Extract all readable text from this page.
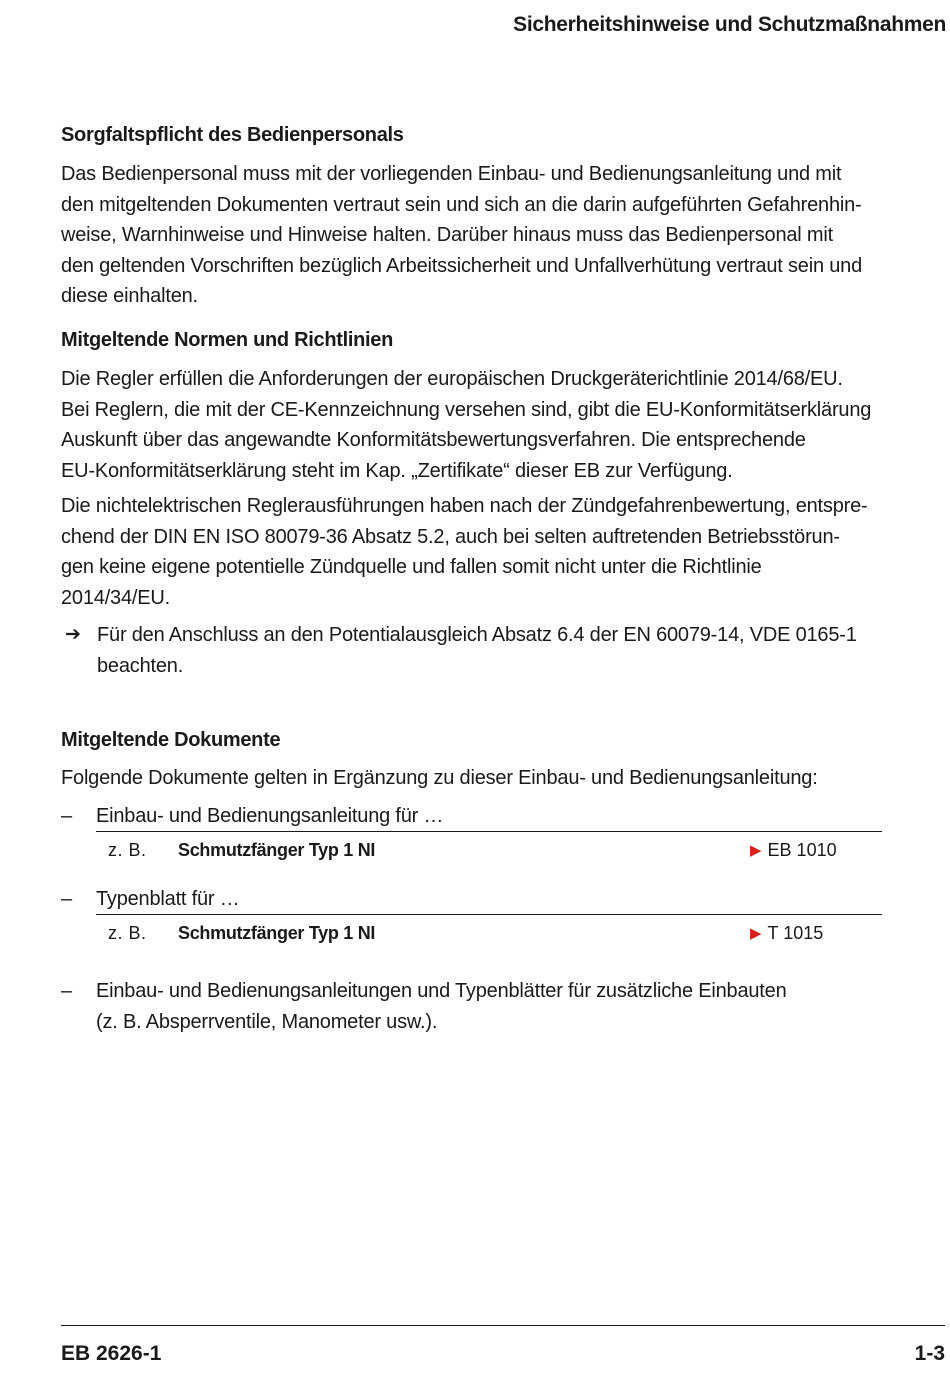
Sicherheitshinweise und Schutzmaßnahmen
Sorgfaltspflicht des Bedienpersonals

Das Bedienpersonal muss mit der vorliegenden Einbau- und Bedienungsanleitung und mit
den mitgeltenden Dokumenten vertraut sein und sich an die darin aufgeführten Gefahrenhin-
weise, Warnhinweise und Hinweise halten. Darüber hinaus muss das Bedienpersonal mit
den geltenden Vorschriften bezüglich Arbeitssicherheit und Unfallverhütung vertraut sein und
diese einhalten.

Mitgeltende Normen und Richtlinien

Die Regler erfüllen die Anforderungen der europäischen Druckgeräterichtlinie 2014/68/EU.
Bei Reglern, die mit der CE-Kennzeichnung versehen sind, gibt die EU-Konformitätserklärung
Auskunft über das angewandte Konformitätsbewertungsverfahren. Die entsprechende
EU-Konformitätserklärung steht im Kap. „Zertifikate“ dieser EB zur Verfügung.

Die nichtelektrischen Reglerausführungen haben nach der Zündgefahrenbewertung, entspre-
chend der DIN EN ISO 80079-36 Absatz 5.2, auch bei selten auftretenden Betriebsstörun-
gen keine eigene potentielle Zündquelle und fallen somit nicht unter die Richtlinie
2014/34/EU.

➔ Für den Anschluss an den Potentialausgleich Absatz 6.4 der EN 60079-14, VDE 0165-1
beachten.
Mitgeltende Dokumente

Folgende Dokumente gelten in Ergänzung zu dieser Einbau- und Bedienungsanleitung:

– Einbau- und Bedienungsanleitung für …
z. B. Schmutzfänger Typ 1 NI	▶ EB 1010
– Typenblatt für …
z. B. Schmutzfänger Typ 1 NI	▶ T 1015
– Einbau- und Bedienungsanleitungen und Typenblätter für zusätzliche Einbauten
(z. B. Absperrventile, Manometer usw.).
EB 2626-1	1-3
